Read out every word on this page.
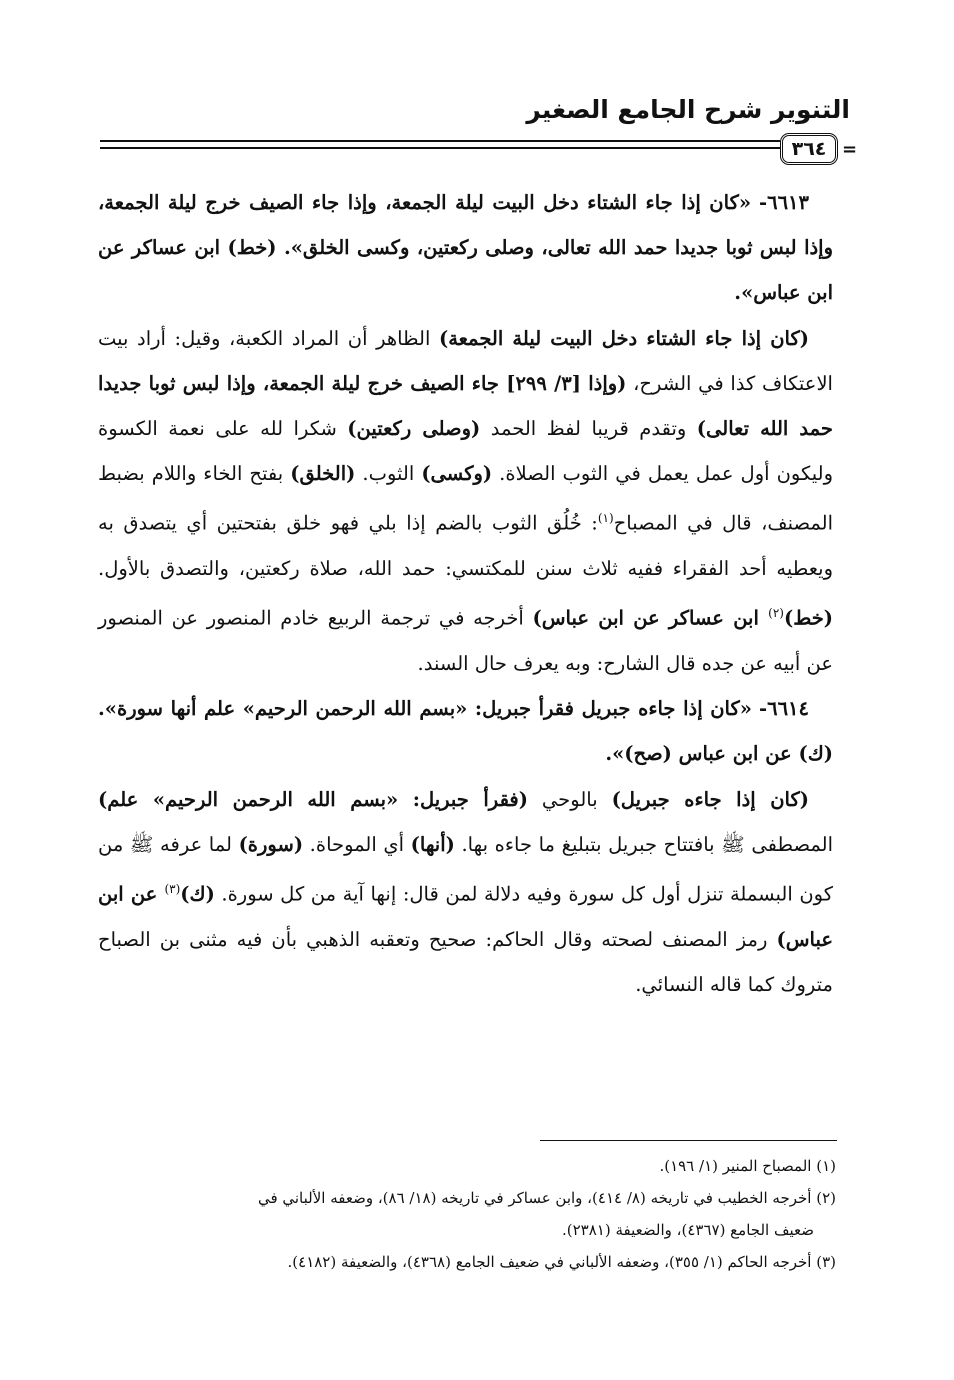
التنوير شرح الجامع الصغير
٣٦٤ =

٦٦١٣- «كان إذا جاء الشتاء دخل البيت ليلة الجمعة، وإذا جاء الصيف خرج ليلة الجمعة، وإذا لبس ثوبا جديدا حمد الله تعالى، وصلى ركعتين، وكسى الخلق». (خط) ابن عساكر عن ابن عباس».

(كان إذا جاء الشتاء دخل البيت ليلة الجمعة) الظاهر أن المراد الكعبة، وقيل: أراد بيت الاعتكاف كذا في الشرح، (وإذا [٣/ ٢٩٩] جاء الصيف خرج ليلة الجمعة، وإذا لبس ثوبا جديدا حمد الله تعالى) وتقدم قريبا لفظ الحمد (وصلى ركعتين) شكرا لله على نعمة الكسوة وليكون أول عمل يعمل في الثوب الصلاة. (وكسى) الثوب. (الخلق) بفتح الخاء واللام بضبط المصنف، قال في المصباح$^{(١)}$: خُلُق الثوب بالضم إذا بلي فهو خلق بفتحتين أي يتصدق به ويعطيه أحد الفقراء ففيه ثلاث سنن للمكتسي: حمد الله، صلاة ركعتين، والتصدق بالأول. (خط)$^{(٢)}$ ابن عساكر عن ابن عباس) أخرجه في ترجمة الربيع خادم المنصور عن المنصور عن أبيه عن جده قال الشارح: وبه يعرف حال السند.

٦٦١٤- «كان إذا جاءه جبريل فقرأ جبريل: «بسم الله الرحمن الرحيم» علم أنها سورة». (ك) عن ابن عباس (صح)».

(كان إذا جاءه جبريل) بالوحي (فقرأ جبريل: «بسم الله الرحمن الرحيم» علم) المصطفى ﷺ بافتتاح جبريل بتبليغ ما جاءه بها. (أنها) أي الموحاة. (سورة) لما عرفه ﷺ من كون البسملة تنزل أول كل سورة وفيه دلالة لمن قال: إنها آية من كل سورة. (ك)$^{(٣)}$ عن ابن عباس) رمز المصنف لصحته وقال الحاكم: صحيح وتعقبه الذهبي بأن فيه مثنى بن الصباح متروك كما قاله النسائي.

(١) المصباح المنير (١/ ١٩٦).

(٢) أخرجه الخطيب في تاريخه (٨/ ٤١٤)، وابن عساكر في تاريخه (١٨/ ٨٦)، وضعفه الألباني في

ضعيف الجامع (٤٣٦٧)، والضعيفة (٢٣٨١).

(٣) أخرجه الحاكم (١/ ٣٥٥)، وضعفه الألباني في ضعيف الجامع (٤٣٦٨)، والضعيفة (٤١٨٢).
